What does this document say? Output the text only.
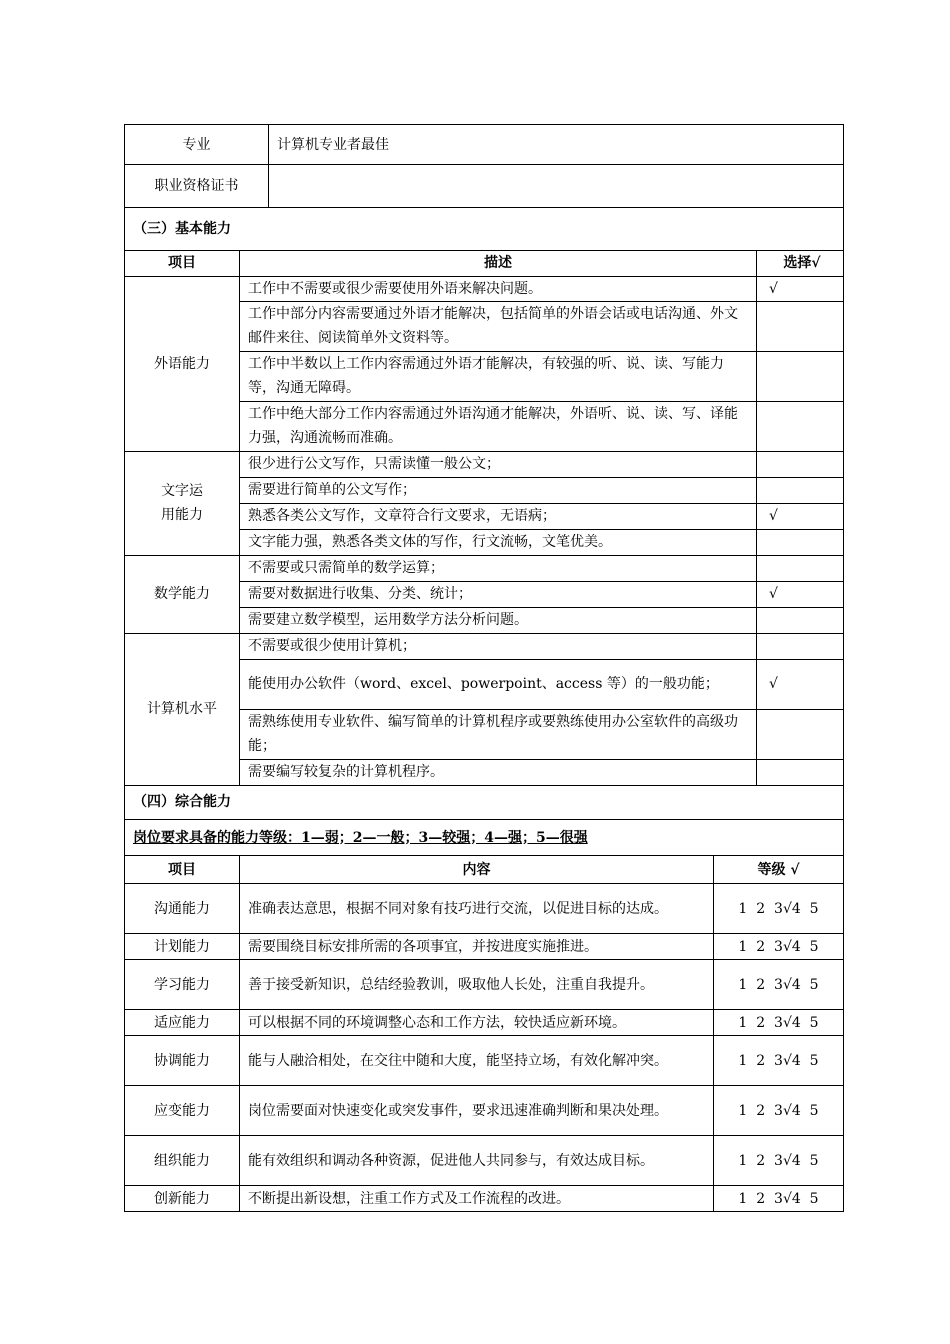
专业	计算机专业者最佳
职业资格证书	
（三）基本能力		
项目	描述	选择√
外语能力	工作中不需要或很少需要使用外语来解决问题。	√
	工作中部分内容需要通过外语才能解决，包括简单的外语会话或电话沟通、外文邮件来往、阅读简单外文资料等。	
	工作中半数以上工作内容需通过外语才能解决，有较强的听、说、读、写能力等，沟通无障碍。	
	工作中绝大部分工作内容需通过外语沟通才能解决，外语听、说、读、写、译能力强，沟通流畅而准确。	
文字运用能力	很少进行公文写作，只需读懂一般公文；	
	需要进行简单的公文写作；	
	熟悉各类公文写作，文章符合行文要求，无语病；	√
	文字能力强，熟悉各类文体的写作，行文流畅，文笔优美。	
数学能力	不需要或只需简单的数学运算；	
	需要对数据进行收集、分类、统计；	√
	需要建立数学模型，运用数学方法分析问题。	
计算机水平	不需要或很少使用计算机；	
	能使用办公软件（word、excel、powerpoint、access 等）的一般功能；	√
	需熟练使用专业软件、编写简单的计算机程序或要熟练使用办公室软件的高级功能；	
	需要编写较复杂的计算机程序。	
（四）综合能力		
岗位要求具备的能力等级：1—弱；2—一般；3—较强；4—强；5—很强		
项目	内容	等级 √
沟通能力	准确表达意思，根据不同对象有技巧进行交流，以促进目标的达成。	1  2  3√4  5
计划能力	需要围绕目标安排所需的各项事宜，并按进度实施推进。	1  2  3√4  5
学习能力	善于接受新知识，总结经验教训，吸取他人长处，注重自我提升。	1  2  3√4  5
适应能力	可以根据不同的环境调整心态和工作方法，较快适应新环境。	1  2  3√4  5
协调能力	能与人融洽相处，在交往中随和大度，能坚持立场，有效化解冲突。	1  2  3√4  5
应变能力	岗位需要面对快速变化或突发事件，要求迅速准确判断和果决处理。	1  2  3√4  5
组织能力	能有效组织和调动各种资源，促进他人共同参与，有效达成目标。	1  2  3√4  5
创新能力	不断提出新设想，注重工作方式及工作流程的改进。	1  2  3√4  5
